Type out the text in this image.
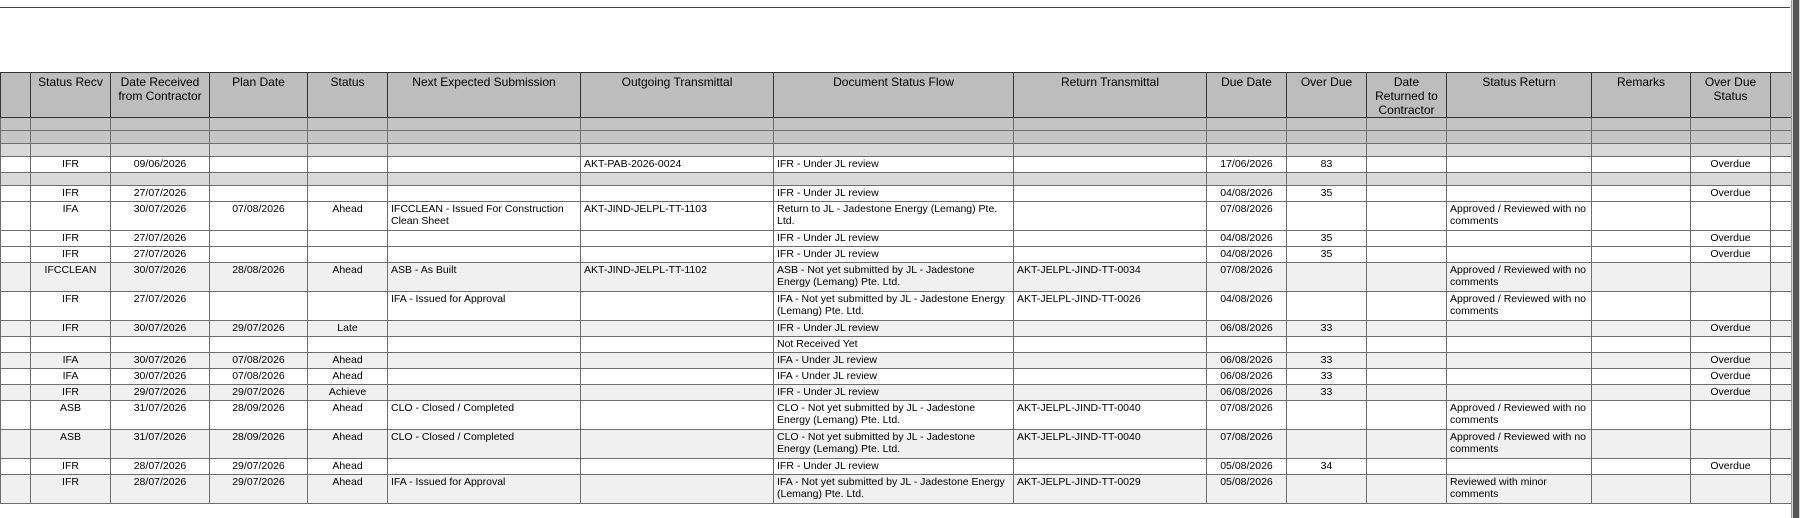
	Status Recv	Date Received from Contractor	Plan Date	Status	Next Expected Submission	Outgoing Transmittal	Document Status Flow	Return Transmittal	Due Date	Over Due	Date Returned to Contractor	Status Return	Remarks	Over Due Status	

	IFR	09/06/2026				AKT-PAB-2026-0024	IFR - Under JL review		17/06/2026	83				Overdue	

	IFR	27/07/2026					IFR - Under JL review		04/08/2026	35				Overdue	
	IFA	30/07/2026	07/08/2026	Ahead	IFCCLEAN - Issued For Construction Clean Sheet	AKT-JIND-JELPL-TT-1103	Return to JL - Jadestone Energy (Lemang) Pte. Ltd.		07/08/2026			Approved / Reviewed with no comments			
	IFR	27/07/2026					IFR - Under JL review		04/08/2026	35				Overdue	
	IFR	27/07/2026					IFR - Under JL review		04/08/2026	35				Overdue	
	IFCCLEAN	30/07/2026	28/08/2026	Ahead	ASB - As Built	AKT-JIND-JELPL-TT-1102	ASB - Not yet submitted by JL - Jadestone Energy (Lemang) Pte. Ltd.	AKT-JELPL-JIND-TT-0034	07/08/2026			Approved / Reviewed with no comments			
	IFR	27/07/2026			IFA - Issued for Approval		IFA - Not yet submitted by JL - Jadestone Energy (Lemang) Pte. Ltd.	AKT-JELPL-JIND-TT-0026	04/08/2026			Approved / Reviewed with no comments			
	IFR	30/07/2026	29/07/2026	Late			IFR - Under JL review		06/08/2026	33				Overdue	
							Not Received Yet								
	IFA	30/07/2026	07/08/2026	Ahead			IFA - Under JL review		06/08/2026	33				Overdue	
	IFA	30/07/2026	07/08/2026	Ahead			IFA - Under JL review		06/08/2026	33				Overdue	
	IFR	29/07/2026	29/07/2026	Achieve			IFR - Under JL review		06/08/2026	33				Overdue	
	ASB	31/07/2026	28/09/2026	Ahead	CLO - Closed / Completed		CLO - Not yet submitted by JL - Jadestone Energy (Lemang) Pte. Ltd.	AKT-JELPL-JIND-TT-0040	07/08/2026			Approved / Reviewed with no comments			
	ASB	31/07/2026	28/09/2026	Ahead	CLO - Closed / Completed		CLO - Not yet submitted by JL - Jadestone Energy (Lemang) Pte. Ltd.	AKT-JELPL-JIND-TT-0040	07/08/2026			Approved / Reviewed with no comments			
	IFR	28/07/2026	29/07/2026	Ahead			IFR - Under JL review		05/08/2026	34				Overdue	
	IFR	28/07/2026	29/07/2026	Ahead	IFA - Issued for Approval		IFA - Not yet submitted by JL - Jadestone Energy (Lemang) Pte. Ltd.	AKT-JELPL-JIND-TT-0029	05/08/2026			Reviewed with minor comments			
